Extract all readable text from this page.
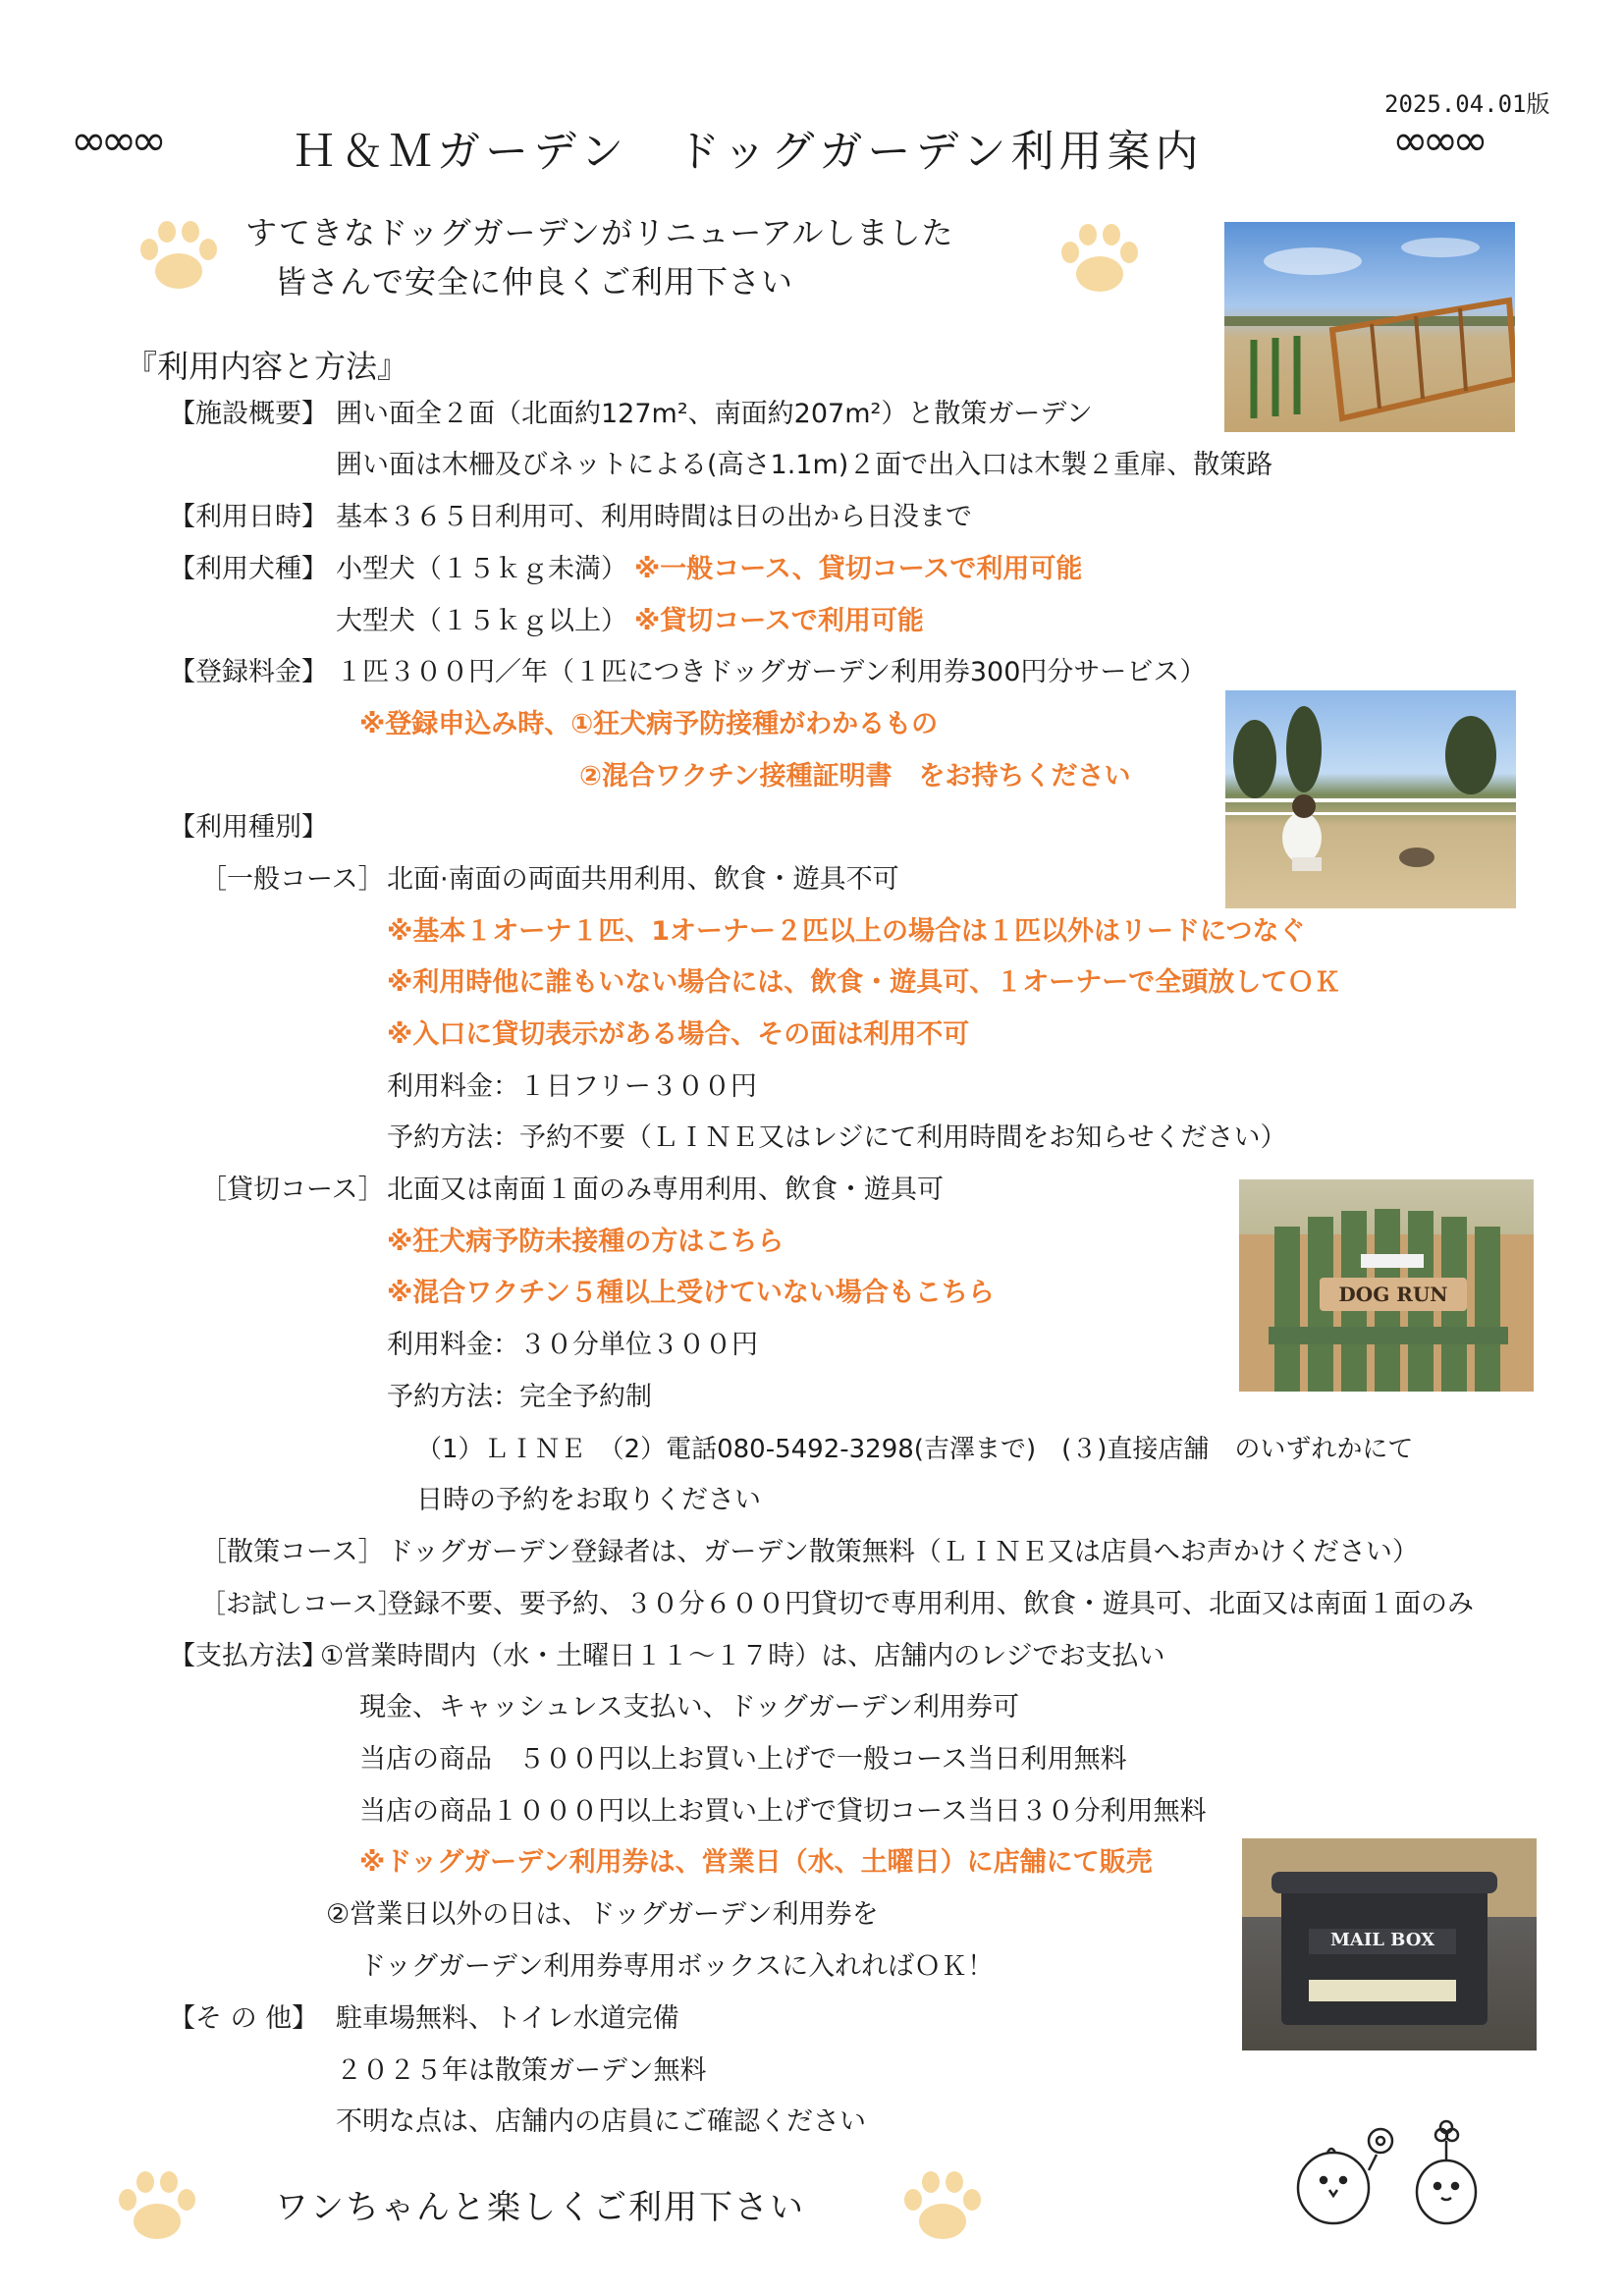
2025.04.01版
∞∞∞	Ｈ＆Ｍガーデン　ドッグガーデン利用案内	∞∞∞
すてきなドッグガーデンがリニューアルしました
皆さんで安全に仲良くご利用下さい
『利用内容と方法』
【施設概要】 囲い面全２面（北面約127m²、南面約207m²）と散策ガーデン
囲い面は木柵及びネットによる(高さ1.1m)２面で出入口は木製２重扉、散策路
【利用日時】 基本３６５日利用可、利用時間は日の出から日没まで
【利用犬種】 小型犬（１５ｋｇ未満） ※一般コース、貸切コースで利用可能
大型犬（１５ｋｇ以上） ※貸切コースで利用可能
【登録料金】 １匹３００円／年（１匹につきドッグガーデン利用券300円分サービス）
※登録申込み時、①狂犬病予防接種がわかるもの
②混合ワクチン接種証明書　をお持ちください
【利用種別】
［一般コース］ 北面·南面の両面共用利用、飲食・遊具不可
※基本１オーナ１匹、1オーナー２匹以上の場合は１匹以外はリードにつなぐ
※利用時他に誰もいない場合には、飲食・遊具可、１オーナーで全頭放してＯＫ
※入口に貸切表示がある場合、その面は利用不可
利用料金：１日フリー３００円
予約方法：予約不要（ＬＩＮＥ又はレジにて利用時間をお知らせください）
［貸切コース］ 北面又は南面１面のみ専用利用、飲食・遊具可
※狂犬病予防未接種の方はこちら
※混合ワクチン５種以上受けていない場合もこちら
利用料金：３０分単位３００円
予約方法：完全予約制
（1）ＬＩＮＥ　（2）電話080-5492-3298(吉澤まで)　(３)直接店舗　のいずれかにて
日時の予約をお取りください
DOG RUN
［散策コース］ ドッグガーデン登録者は、ガーデン散策無料（ＬＩＮＥ又は店員へお声かけください）
［お試しコース］
登録不要、要予約、３０分６００円貸切で専用利用、飲食・遊具可、北面又は南面１面のみ
【支払方法】
①営業時間内（水・土曜日１１～１７時）は、店舗内のレジでお支払い
現金、キャッシュレス支払い、ドッグガーデン利用券可
当店の商品　５００円以上お買い上げで一般コース当日利用無料
当店の商品１０００円以上お買い上げで貸切コース当日３０分利用無料
※ドッグガーデン利用券は、営業日（水、土曜日）に店舗にて販売
②営業日以外の日は、ドッグガーデン利用券を
ドッグガーデン利用券専用ボックスに入れればＯＫ！
MAIL BOX
【そ の 他】 駐車場無料、トイレ水道完備
２０２５年は散策ガーデン無料
不明な点は、店舗内の店員にご確認ください
ワンちゃんと楽しくご利用下さい
